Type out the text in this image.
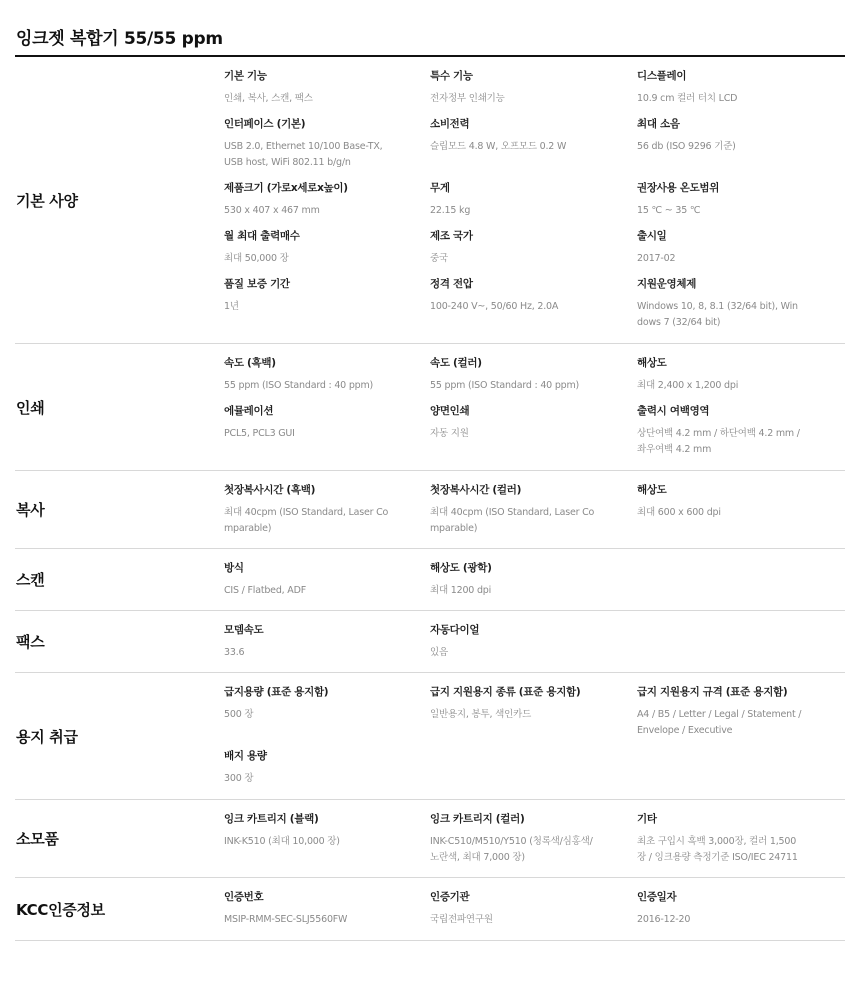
잉크젯 복합기 55/55 ppm
기본 사양
기본 기능
인쇄, 복사, 스캔, 팩스
특수 기능
전자정부 인쇄기능
디스플레이
10.9 cm 컬러 터치 LCD
인터페이스 (기본)
USB 2.0, Ethernet 10/100 Base-TX, USB host, WiFi 802.11 b/g/n
소비전력
슬립모드 4.8 W, 오프모드 0.2 W
최대 소음
56 db (ISO 9296 기준)
제품크기 (가로x세로x높이)
530 x 407 x 467 mm
무게
22.15 kg
권장사용 온도범위
15 ℃ ~ 35 ℃
월 최대 출력매수
최대 50,000 장
제조 국가
중국
출시일
2017-02
품질 보증 기간
1년
정격 전압
100-240 V~, 50/60 Hz, 2.0A
지원운영체제
Windows 10, 8, 8.1 (32/64 bit), Windows 7 (32/64 bit)
인쇄
속도 (흑백)
55 ppm (ISO Standard : 40 ppm)
속도 (컬러)
55 ppm (ISO Standard : 40 ppm)
해상도
최대 2,400 x 1,200 dpi
에뮬레이션
PCL5, PCL3 GUI
양면인쇄
자동 지원
출력시 여백영역
상단여백 4.2 mm / 하단여백 4.2 mm / 좌우여백 4.2 mm
복사
첫장복사시간 (흑백)
최대 40cpm (ISO Standard, Laser Comparable)
첫장복사시간 (컬러)
최대 40cpm (ISO Standard, Laser Comparable)
해상도
최대 600 x 600 dpi
스캔
방식
CIS / Flatbed, ADF
해상도 (광학)
최대 1200 dpi
팩스
모뎀속도
33.6
자동다이얼
있음
용지 취급
급지용량 (표준 용지함)
500 장
급지 지원용지 종류 (표준 용지함)
일반용지, 봉투, 색인카드
급지 지원용지 규격 (표준 용지함)
A4 / B5 / Letter / Legal / Statement / Envelope / Executive
배지 용량
300 장
소모품
잉크 카트리지 (블랙)
INK-K510 (최대 10,000 장)
잉크 카트리지 (컬러)
INK-C510/M510/Y510 (청록색/심홍색/노란색, 최대 7,000 장)
기타
최초 구입시 흑백 3,000장, 컬러 1,500장 / 잉크용량 측정기준 ISO/IEC 24711
KCC인증정보
인증번호
MSIP-RMM-SEC-SLJ5560FW
인증기관
국립전파연구원
인증일자
2016-12-20
